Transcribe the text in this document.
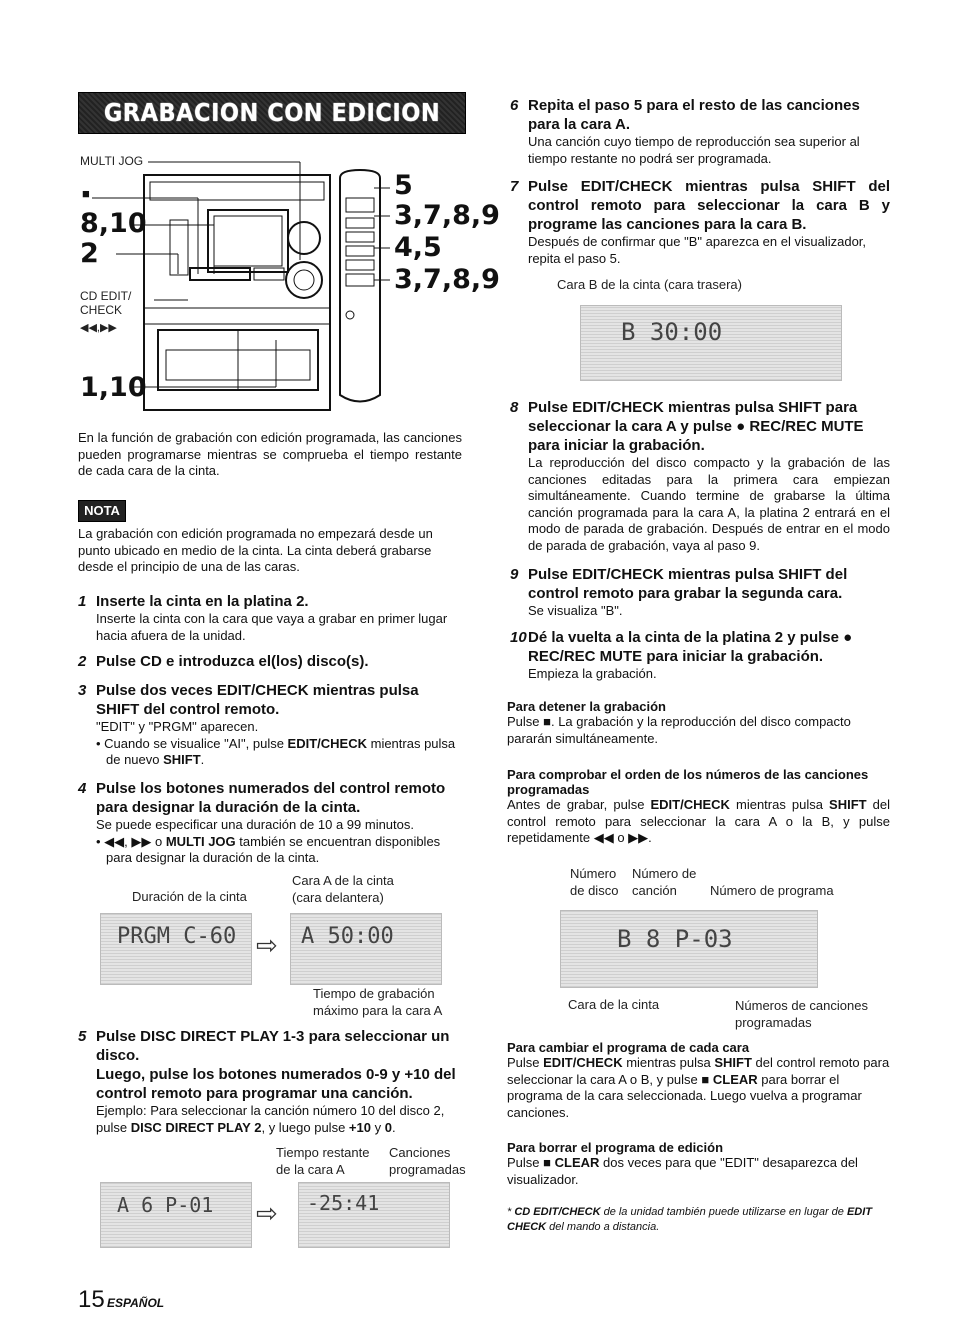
GRABACION CON EDICION PROGRAMADA
MULTI JOG
■
8,10
2
CD EDIT/
CHECK
◀◀,▶▶
1,10
5
3,7,8,9
4,5
3,7,8,9
En la función de grabación con edición programada, las canciones pueden programarse mientras se comprueba el tiempo restante de cada cara de la cinta.
NOTA
La grabación con edición programada no empezará desde un punto ubicado en medio de la cinta. La cinta deberá grabarse desde el principio de una de las caras.
1 Inserte la cinta en la platina 2.
Inserte la cinta con la cara que vaya a grabar en primer lugar hacia afuera de la unidad.
2 Pulse CD e introduzca el(los) disco(s).
3 Pulse dos veces EDIT/CHECK mientras pulsa SHIFT del control remoto.
"EDIT" y "PRGM" aparecen.
• Cuando se visualice "AI", pulse EDIT/CHECK mientras pulsa de nuevo SHIFT.
4 Pulse los botones numerados del control remoto para designar la duración de la cinta.
Se puede especificar una duración de 10 a 99 minutos.
• ◀◀, ▶▶ o MULTI JOG también se encuentran disponibles para designar la duración de la cinta.
Duración de la cinta
Cara A de la cinta
(cara delantera)
PRGM C-60 ⇨ A 50:00
Tiempo de grabación
máximo para la cara A
5 Pulse DISC DIRECT PLAY 1-3 para seleccionar un disco.
Luego, pulse los botones numerados 0-9 y +10 del control remoto para programar una canción.
Ejemplo: Para seleccionar la canción número 10 del disco 2, pulse DISC DIRECT PLAY 2, y luego pulse +10 y 0.
Tiempo restante
de la cara A
Canciones
programadas
A 6 P-01 ⇨ -25:41
6 Repita el paso 5 para el resto de las canciones para la cara A.
Una canción cuyo tiempo de reproducción sea superior al tiempo restante no podrá ser programada.
7 Pulse EDIT/CHECK mientras pulsa SHIFT del control remoto para seleccionar la cara B y programe las canciones para la cara B.
Después de confirmar que "B" aparezca en el visualizador, repita el paso 5.
Cara B de la cinta (cara trasera)
B 30:00
8 Pulse EDIT/CHECK mientras pulsa SHIFT para seleccionar la cara A y pulse ● REC/REC MUTE para iniciar la grabación.
La reproducción del disco compacto y la grabación de las canciones editadas para la primera cara empiezan simultáneamente. Cuando termine de grabarse la última canción programada para la cara A, la platina 2 entrará en el modo de parada de grabación. Después de entrar en el modo de parada de grabación, vaya al paso 9.
9 Pulse EDIT/CHECK mientras pulsa SHIFT del control remoto para grabar la segunda cara.
Se visualiza "B".
10Dé la vuelta a la cinta de la platina 2 y pulse ● REC/REC MUTE para iniciar la grabación.
Empieza la grabación.
Para detener la grabación
Pulse ■. La grabación y la reproducción del disco compacto pararán simultáneamente.
Para comprobar el orden de los números de las canciones programadas
Antes de grabar, pulse EDIT/CHECK mientras pulsa SHIFT del control remoto para seleccionar la cara A o la B, y pulse repetidamente ◀◀ o ▶▶.
Número
de disco
Número de
canción	Número de programa
B 8 P-03
Cara de la cinta	Números de canciones
programadas
Para cambiar el programa de cada cara
Pulse EDIT/CHECK mientras pulsa SHIFT del control remoto para seleccionar la cara A o B, y pulse ■ CLEAR para borrar el programa de la cara seleccionada. Luego vuelva a programar canciones.
Para borrar el programa de edición
Pulse ■ CLEAR dos veces para que "EDIT" desaparezca del visualizador.
* CD EDIT/CHECK de la unidad también puede utilizarse en lugar de EDIT CHECK del mando a distancia.
15 ESPAÑOL
